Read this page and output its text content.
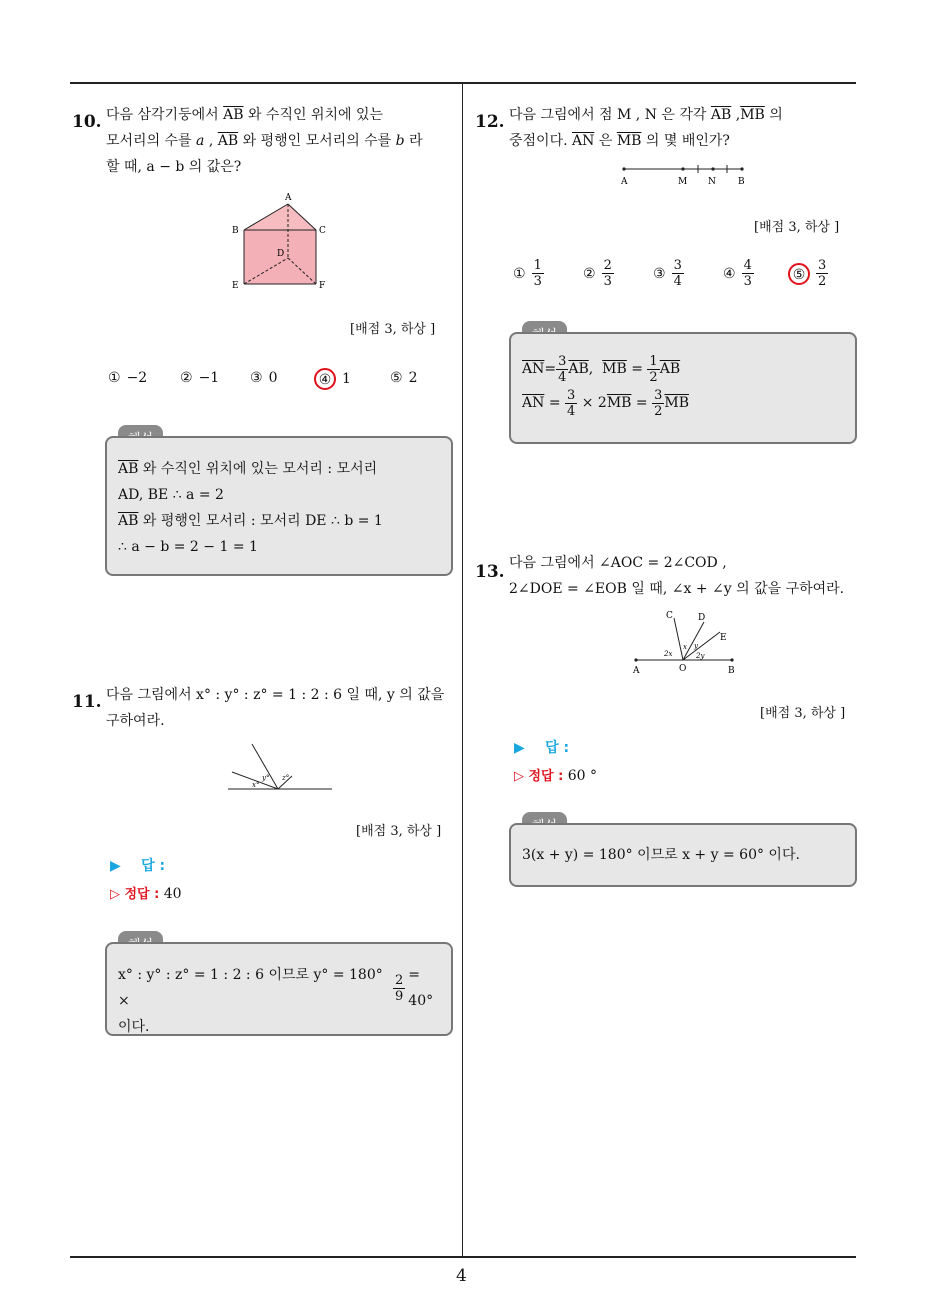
4
10. 다음 삼각기둥에서 $\overline{AB}$ 와 수직인 위치에 있는
모서리의 수를 a , $\overline{AB}$ 와 평행인 모서리의 수를 b 라
할 때, a − b 의 값은?
A
B	C
D
E	F
[배점 3, 하상 ]
① −2 ② −1 ③ 0	④ 1	⑤ 2
$\overline{AB}$ 와 수직인 위치에 있는 모서리 : 모서리
AD, BE ∴ a = 2
$\overline{AB}$ 와 평행인 모서리 : 모서리 DE ∴ b = 1
∴ a − b = 2 − 1 = 1
11. 다음 그림에서 x° : y° : z° = 1 : 2 : 6 일 때, y 의 값을
구하여라.
x°
y° z°
[배점 3, 하상 ]
▶ 답 :
▷ 정답 : 40
x° : y° : z° = 1 : 2 : 6 이므로 y° = 180° ×	$\frac{2}{9} = 40^\circ$
이다.
12. 다음 그림에서 점 M , N 은 각각 $\overline{AB}$ $,\overline{MB}$ 의
중점이다. $\overline{AN}$ 은 $\overline{MB}$ 의 몇 배인가?
A	M N B
[배점 3, 하상 ]
① $\frac{1}{3}$	② $\frac{2}{3}$	③ $\frac{3}{4}$	④ $\frac{4}{3}$	⑤ $\frac{3}{2}$
$\overline{AN} = \frac{3}{4} \overline{AB}$ , $\overline{MB} = \frac{1}{2} \overline{AB}$
$\overline{AN} = \frac{3}{4} \times 2$ $\overline{MB} = \frac{3}{2} \overline{MB}$
13. 다음 그림에서 ∠AOC = 2∠COD ,
2∠DOE = ∠EOB 일 때, ∠x + ∠y 의 값을 구하여라.
C	D
E
x y
2x	2y
A	O	B
[배점 3, 하상 ]
▶ 답 :
▷ 정답 : 60 °
3(x + y) = 180° 이므로 x + y = 60° 이다.
